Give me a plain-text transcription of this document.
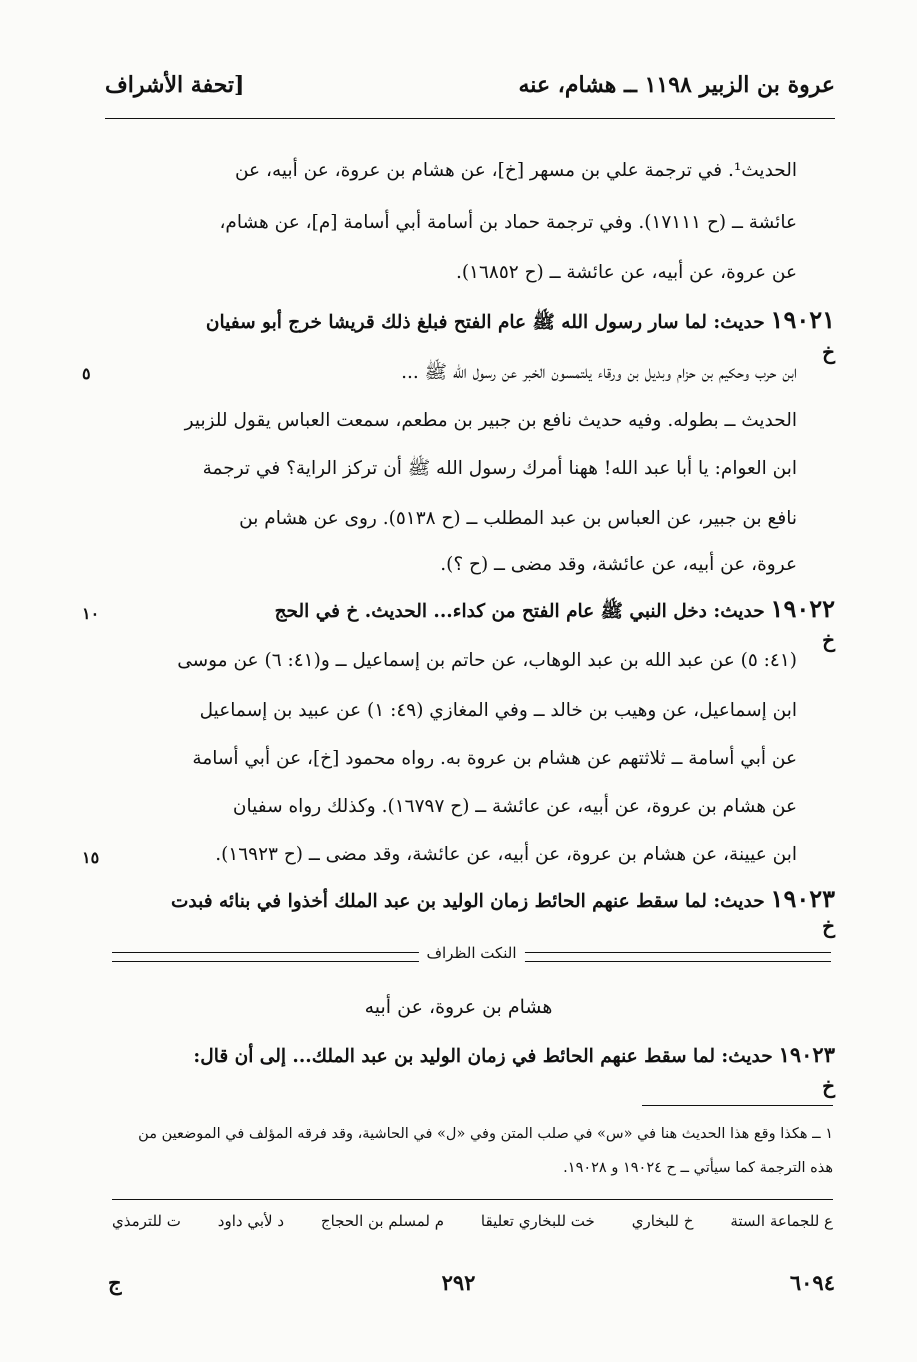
عروة بن الزبير ١١٩٨ ــ هشام، عنه
[تحفة الأشراف
الحديث¹. في ترجمة علي بن مسهر [خ]، عن هشام بن عروة، عن أبيه، عن
عائشة ــ (ح ١٧١١١). وفي ترجمة حماد بن أسامة أبي أسامة [م]، عن هشام،
عن عروة، عن أبيه، عن عائشة ــ (ح ١٦٨٥٢).
١٩٠٢١ حديث: لما سار رسول الله ﷺ عام الفتح فبلغ ذلك قريشا خرج أبو سفيان
خ
ابن حرب وحكيم بن حزام وبديل بن ورقاء يلتمسون الخبر عن رسول الله ﷺ ...
٥
الحديث ــ بطوله. وفيه حديث نافع بن جبير بن مطعم، سمعت العباس يقول للزبير
ابن العوام: يا أبا عبد الله! ههنا أمرك رسول الله ﷺ أن تركز الراية؟ في ترجمة
نافع بن جبير، عن العباس بن عبد المطلب ــ (ح ٥١٣٨). روى عن هشام بن
عروة، عن أبيه، عن عائشة، وقد مضى ــ (ح ؟).
١٩٠٢٢ حديث: دخل النبي ﷺ عام الفتح من كداء... الحديث. خ في الحج
١٠
خ
(٤١: ٥) عن عبد الله بن عبد الوهاب، عن حاتم بن إسماعيل ــ و(٤١: ٦) عن موسى
ابن إسماعيل، عن وهيب بن خالد ــ وفي المغازي (٤٩: ١) عن عبيد بن إسماعيل
عن أبي أسامة ــ ثلاثتهم عن هشام بن عروة به. رواه محمود [خ]، عن أبي أسامة
عن هشام بن عروة، عن أبيه، عن عائشة ــ (ح ١٦٧٩٧). وكذلك رواه سفيان
ابن عيينة، عن هشام بن عروة، عن أبيه، عن عائشة، وقد مضى ــ (ح ١٦٩٢٣).
١٥
١٩٠٢٣ حديث: لما سقط عنهم الحائط زمان الوليد بن عبد الملك أخذوا في بنائه فبدت
خ
النكت الظراف
هشام بن عروة، عن أبيه
١٩٠٢٣ حديث: لما سقط عنهم الحائط في زمان الوليد بن عبد الملك... إلى أن قال:
خ
١ ــ هكذا وقع هذا الحديث هنا في «س» في صلب المتن وفي «ل» في الحاشية، وقد فرقه المؤلف في الموضعين من
هذه الترجمة كما سيأتي ــ ح ١٩٠٢٤ و ١٩٠٢٨.
ع للجماعة الستة
خ للبخاري
خت للبخاري تعليقا
م لمسلم بن الحجاج
د لأبي داود
ت للترمذي
٦٠٩٤
٢٩٢
ج
